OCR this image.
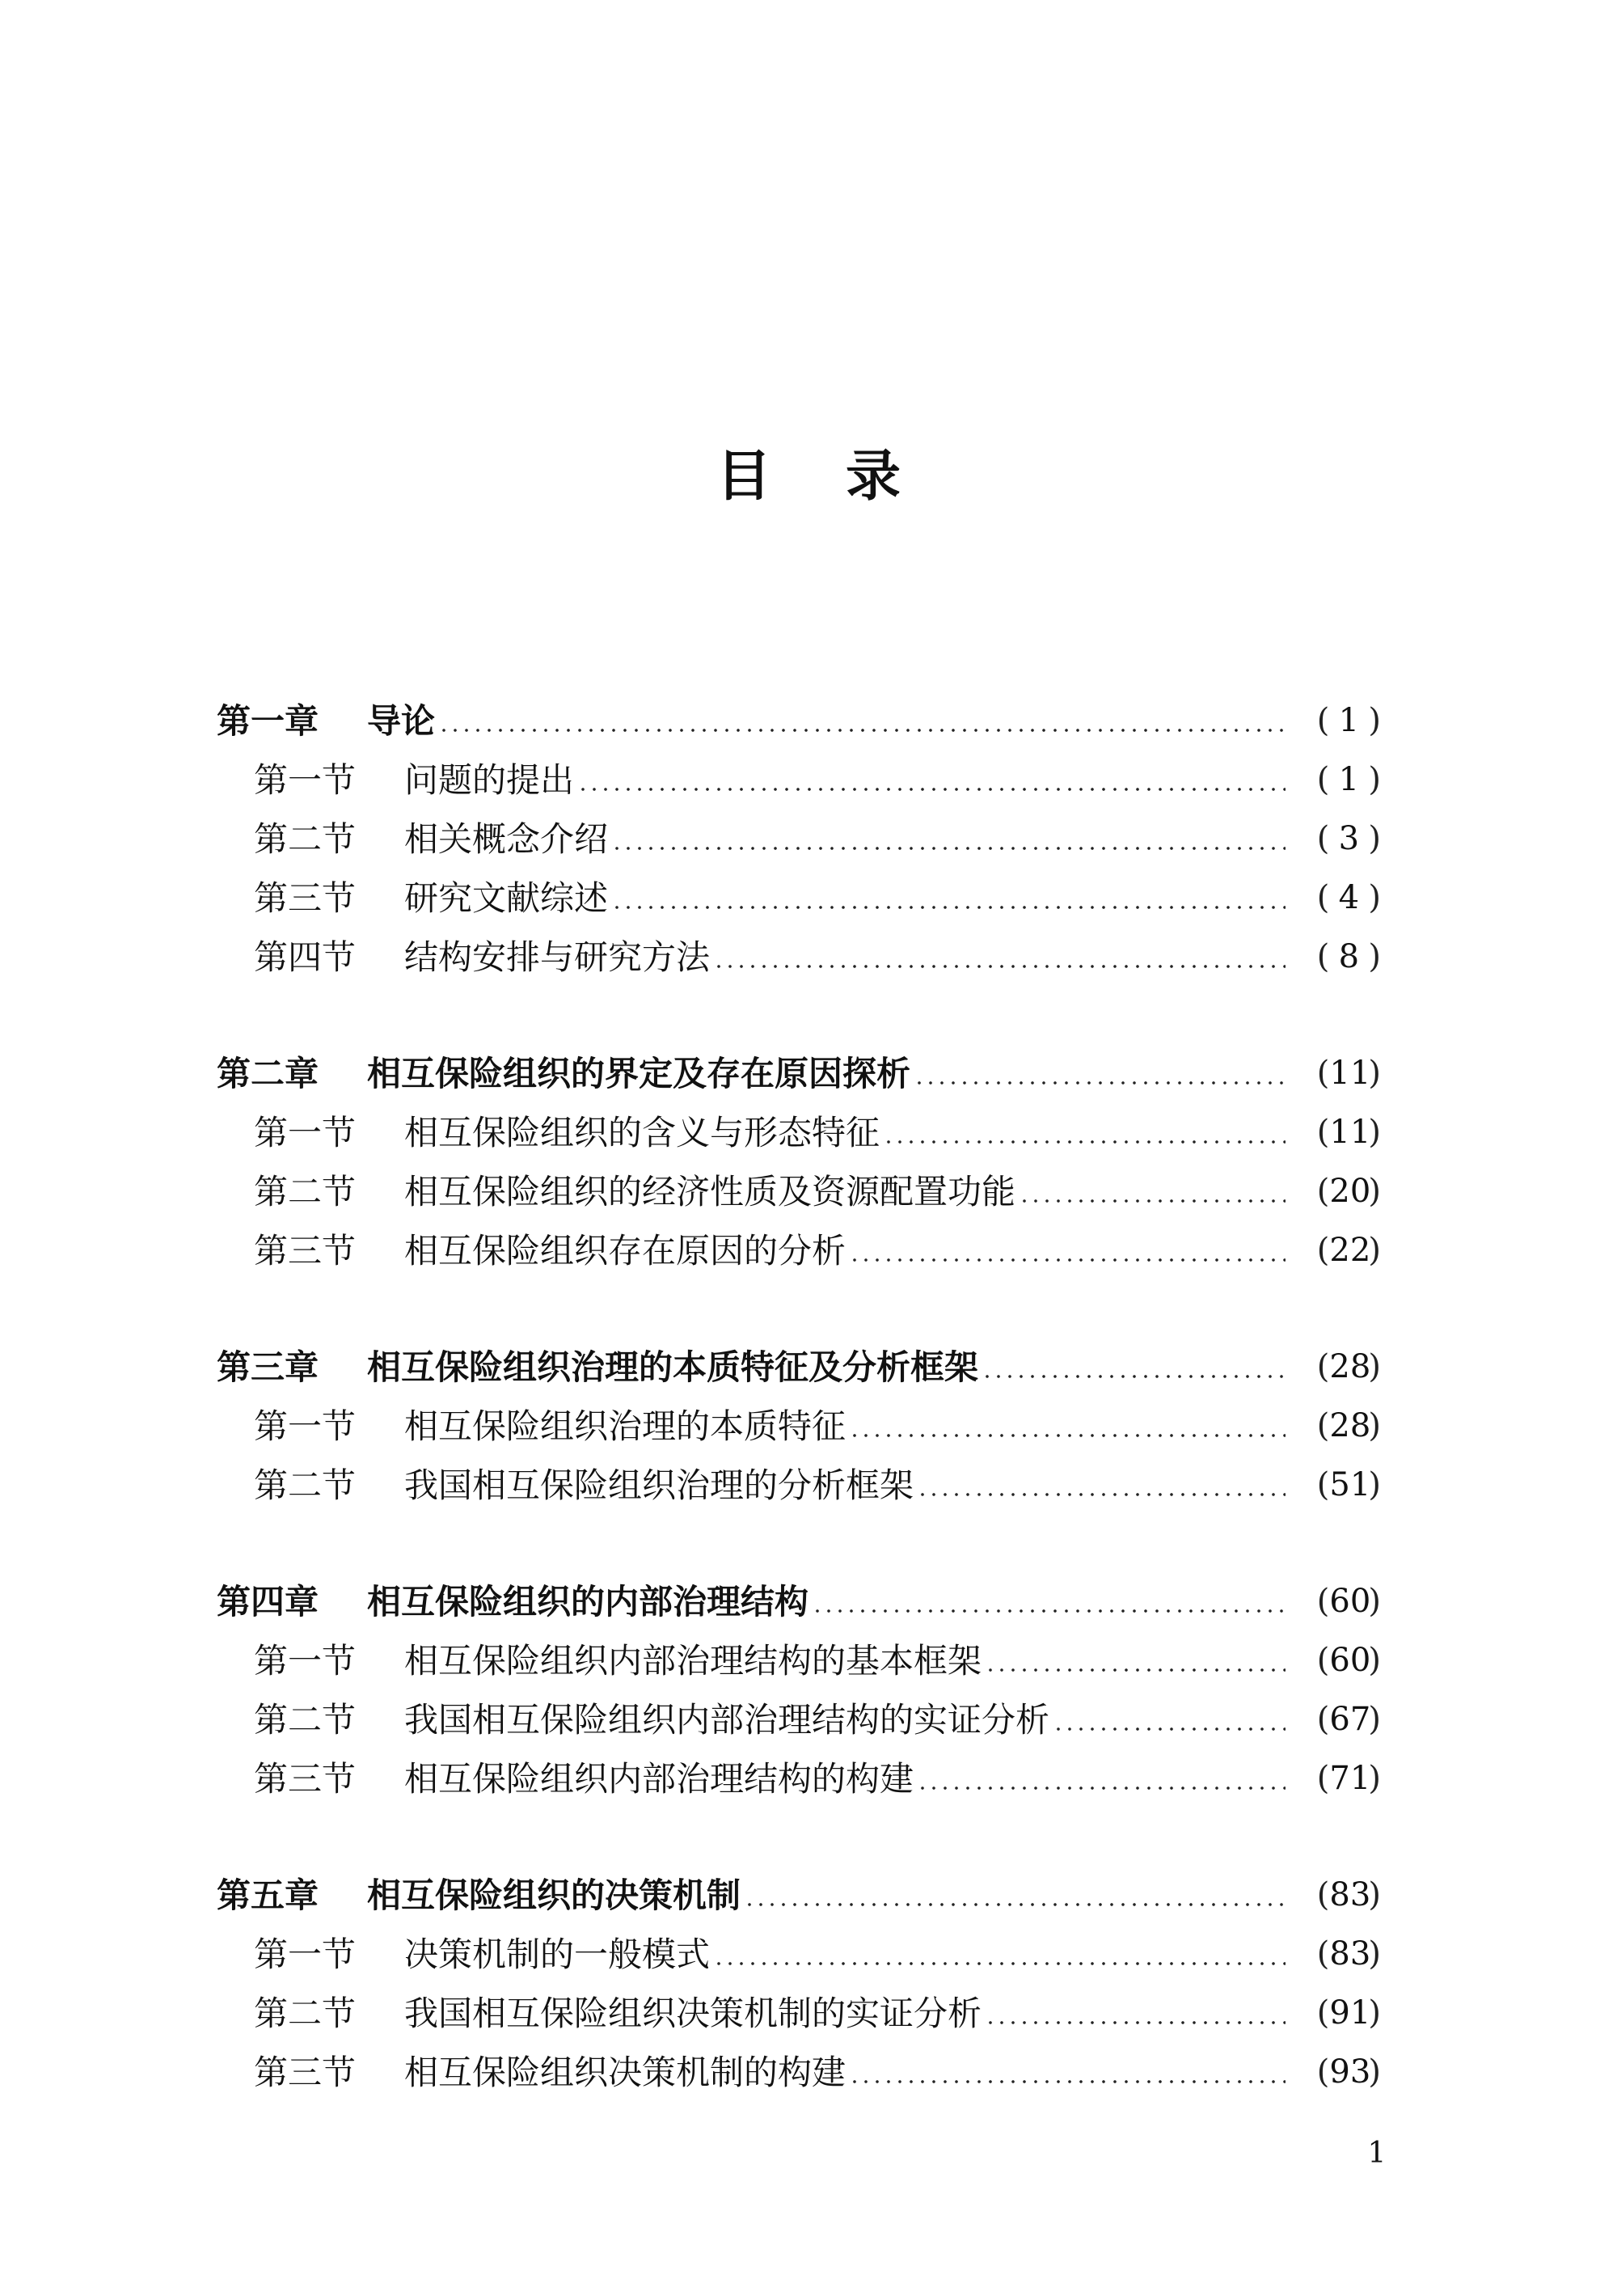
目 录
第一章	导论	( 1 )
第一节	问题的提出	( 1 )
第二节	相关概念介绍	( 3 )
第三节	研究文献综述	( 4 )
第四节	结构安排与研究方法	( 8 )
第二章	相互保险组织的界定及存在原因探析	(11)
第一节	相互保险组织的含义与形态特征	(11)
第二节	相互保险组织的经济性质及资源配置功能	(20)
第三节	相互保险组织存在原因的分析	(22)
第三章	相互保险组织治理的本质特征及分析框架	(28)
第一节	相互保险组织治理的本质特征	(28)
第二节	我国相互保险组织治理的分析框架	(51)
第四章	相互保险组织的内部治理结构	(60)
第一节	相互保险组织内部治理结构的基本框架	(60)
第二节	我国相互保险组织内部治理结构的实证分析	(67)
第三节	相互保险组织内部治理结构的构建	(71)
第五章	相互保险组织的决策机制	(83)
第一节	决策机制的一般模式	(83)
第二节	我国相互保险组织决策机制的实证分析	(91)
第三节	相互保险组织决策机制的构建	(93)
1
